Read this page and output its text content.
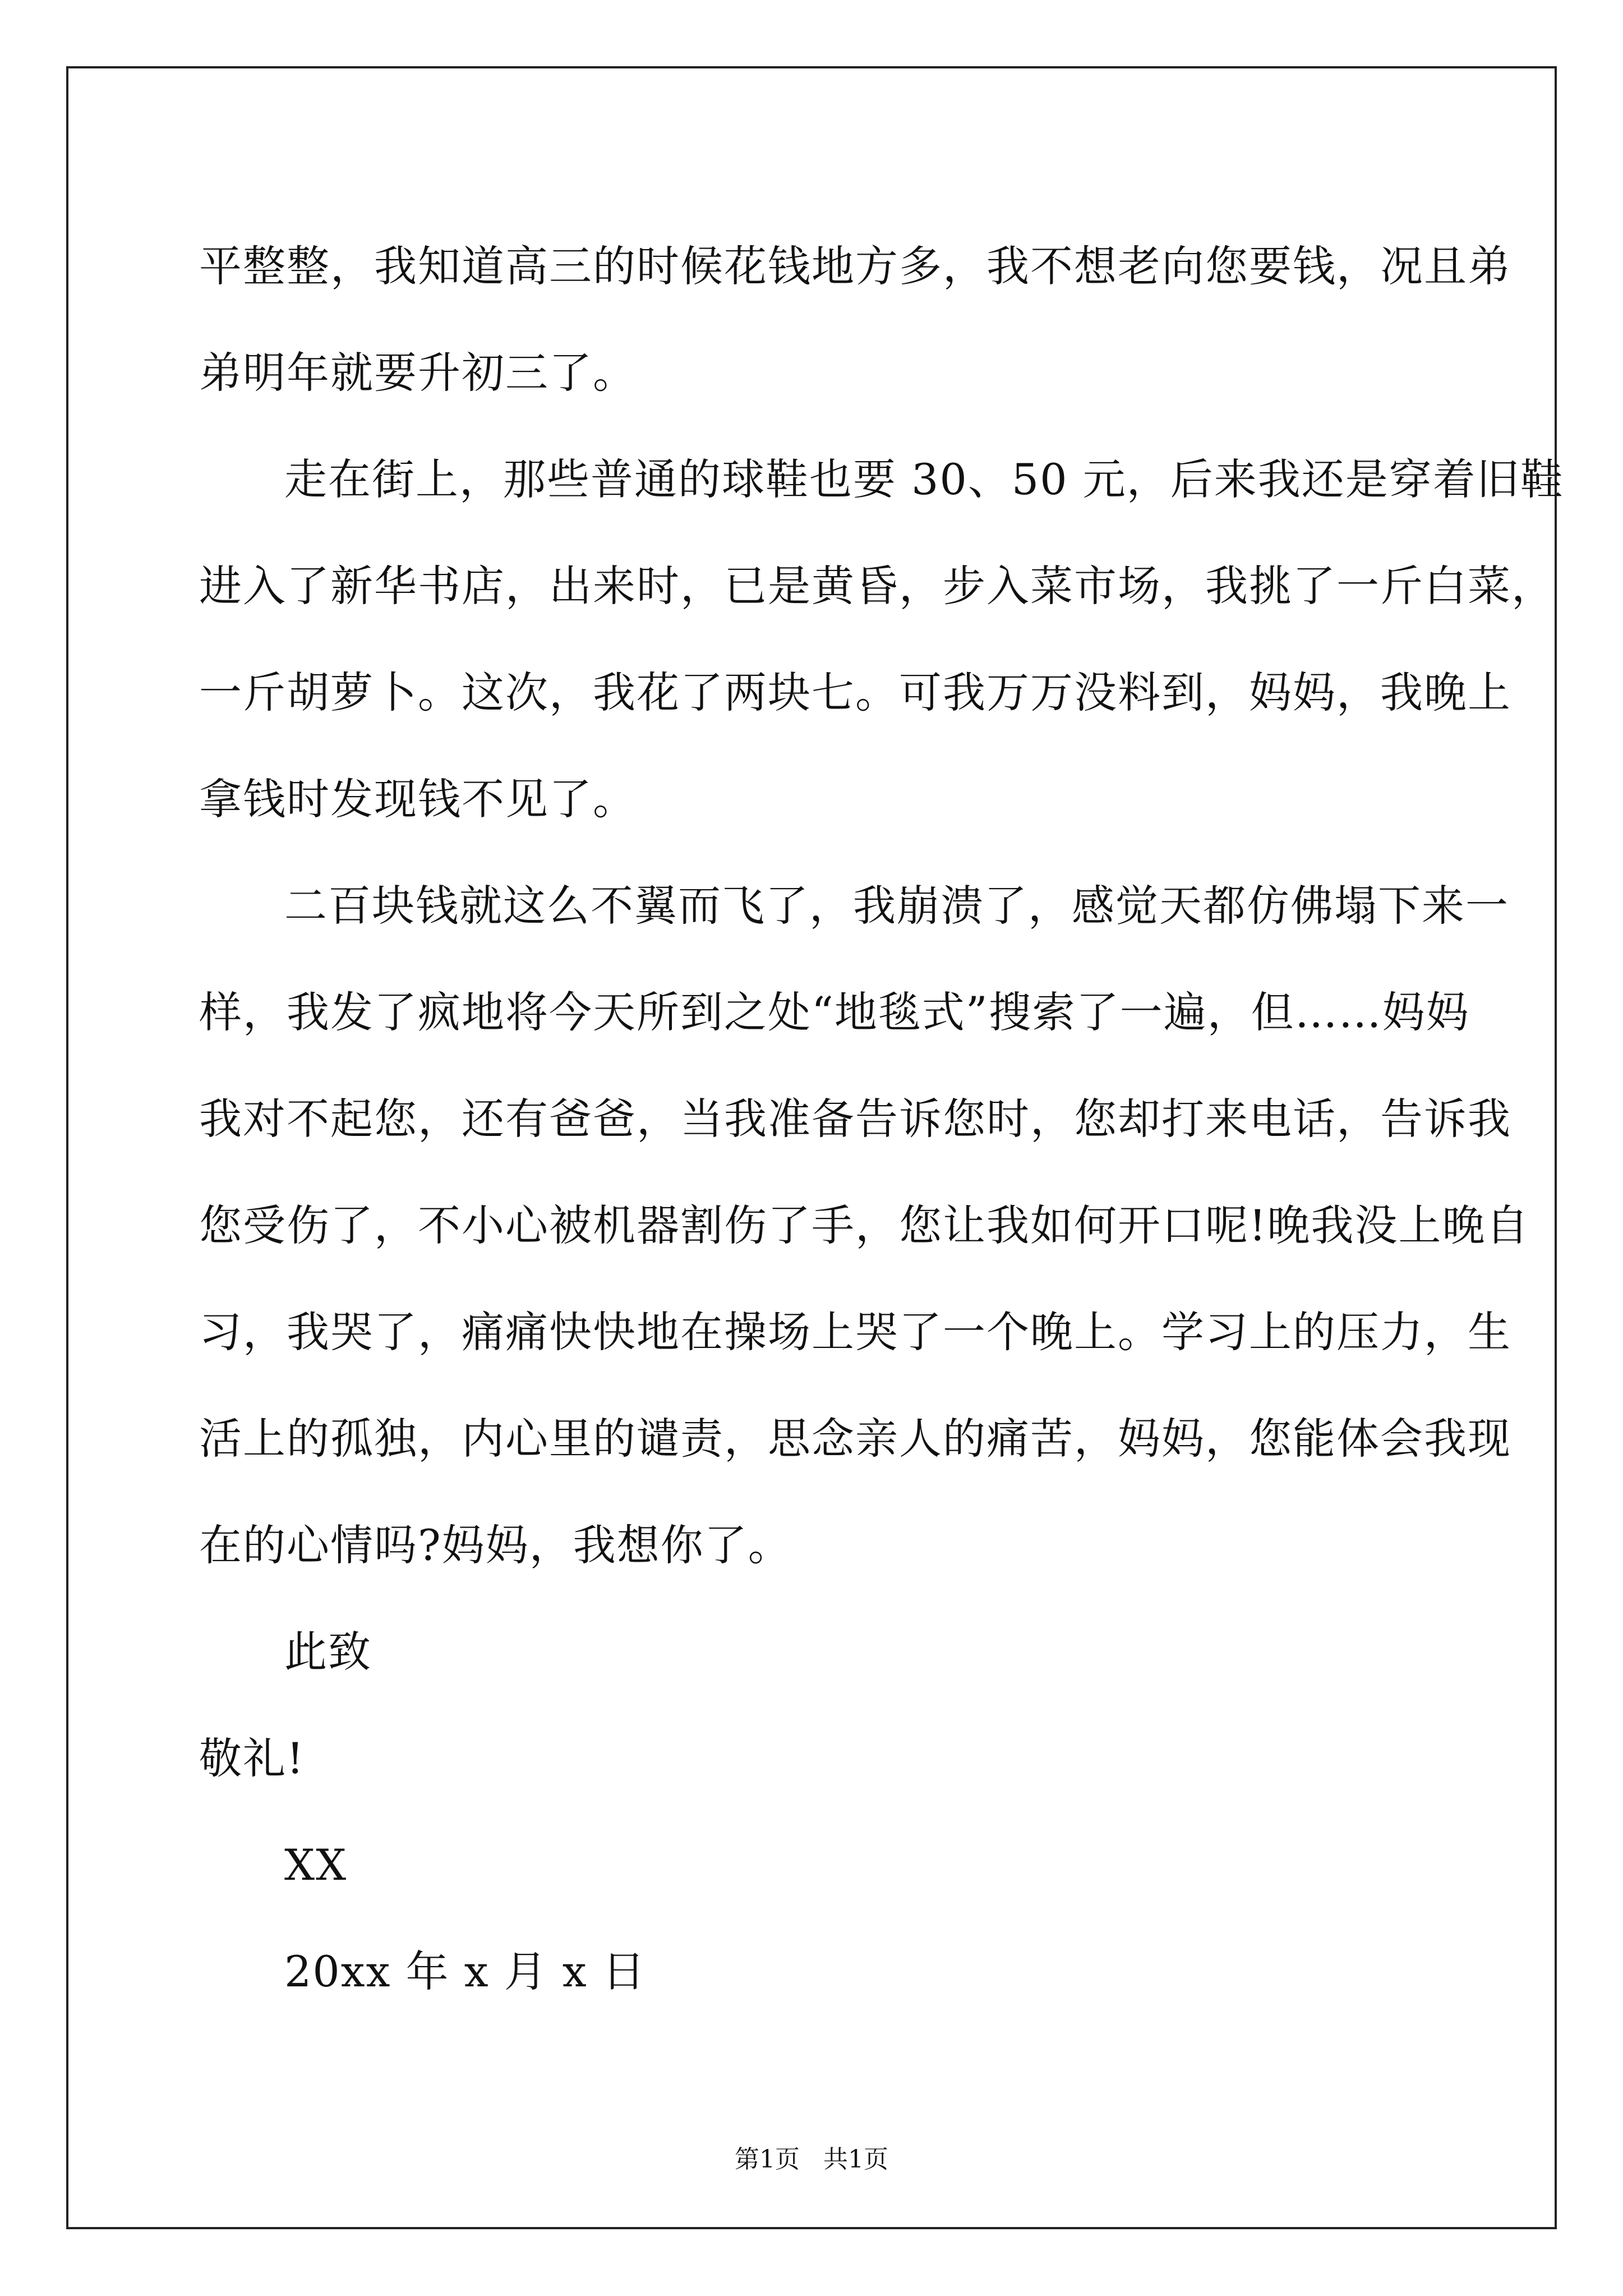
平整整，我知道高三的时候花钱地方多，我不想老向您要钱，况且弟
弟明年就要升初三了。
走在街上，那些普通的球鞋也要 30、50 元，后来我还是穿着旧鞋
进入了新华书店，出来时，已是黄昏，步入菜市场，我挑了一斤白菜，
一斤胡萝卜。这次，我花了两块七。可我万万没料到，妈妈，我晚上
拿钱时发现钱不见了。
二百块钱就这么不翼而飞了，我崩溃了，感觉天都仿佛塌下来一
样，我发了疯地将今天所到之处“地毯式”搜索了一遍，但……妈妈
我对不起您，还有爸爸，当我准备告诉您时，您却打来电话，告诉我
您受伤了，不小心被机器割伤了手，您让我如何开口呢!晚我没上晚自
习，我哭了，痛痛快快地在操场上哭了一个晚上。学习上的压力，生
活上的孤独，内心里的谴责，思念亲人的痛苦，妈妈，您能体会我现
在的心情吗?妈妈，我想你了。
此致
敬礼!
XX
20xx 年 x 月 x 日
第1页 共1页
